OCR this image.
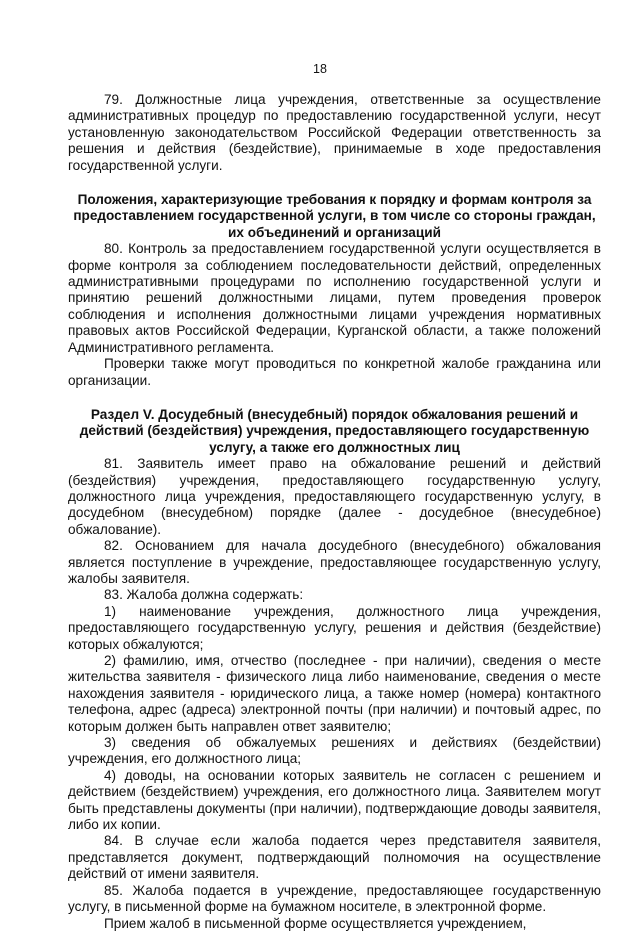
18

79. Должностные лица учреждения, ответственные за осуществление административных процедур по предоставлению государственной услуги, несут установленную законодательством Российской Федерации ответственность за решения и действия (бездействие), принимаемые в ходе предоставления государственной услуги.

Положения, характеризующие требования к порядку и формам контроля за предоставлением государственной услуги, в том числе со стороны граждан, их объединений и организаций

80. Контроль за предоставлением государственной услуги осуществляется в форме контроля за соблюдением последовательности действий, определенных административными процедурами по исполнению государственной услуги и принятию решений должностными лицами, путем проведения проверок соблюдения и исполнения должностными лицами учреждения нормативных правовых актов Российской Федерации, Курганской области, а также положений Административного регламента.

Проверки также могут проводиться по конкретной жалобе гражданина или организации.

Раздел V. Досудебный (внесудебный) порядок обжалования решений и действий (бездействия) учреждения, предоставляющего государственную услугу, а также его должностных лиц

81. Заявитель имеет право на обжалование решений и действий (бездействия) учреждения, предоставляющего государственную услугу, должностного лица учреждения, предоставляющего государственную услугу, в досудебном (внесудебном) порядке (далее - досудебное (внесудебное) обжалование).

82. Основанием для начала досудебного (внесудебного) обжалования является поступление в учреждение, предоставляющее государственную услугу, жалобы заявителя.

83. Жалоба должна содержать:

1) наименование учреждения, должностного лица учреждения, предоставляющего государственную услугу, решения и действия (бездействие) которых обжалуются;

2) фамилию, имя, отчество (последнее - при наличии), сведения о месте жительства заявителя - физического лица либо наименование, сведения о месте нахождения заявителя - юридического лица, а также номер (номера) контактного телефона, адрес (адреса) электронной почты (при наличии) и почтовый адрес, по которым должен быть направлен ответ заявителю;

3) сведения об обжалуемых решениях и действиях (бездействии) учреждения, его должностного лица;

4) доводы, на основании которых заявитель не согласен с решением и действием (бездействием) учреждения, его должностного лица. Заявителем могут быть представлены документы (при наличии), подтверждающие доводы заявителя, либо их копии.

84. В случае если жалоба подается через представителя заявителя, представляется документ, подтверждающий полномочия на осуществление действий от имени заявителя.

85. Жалоба подается в учреждение, предоставляющее государственную услугу, в письменной форме на бумажном носителе, в электронной форме.

Прием жалоб в письменной форме осуществляется учреждением,
